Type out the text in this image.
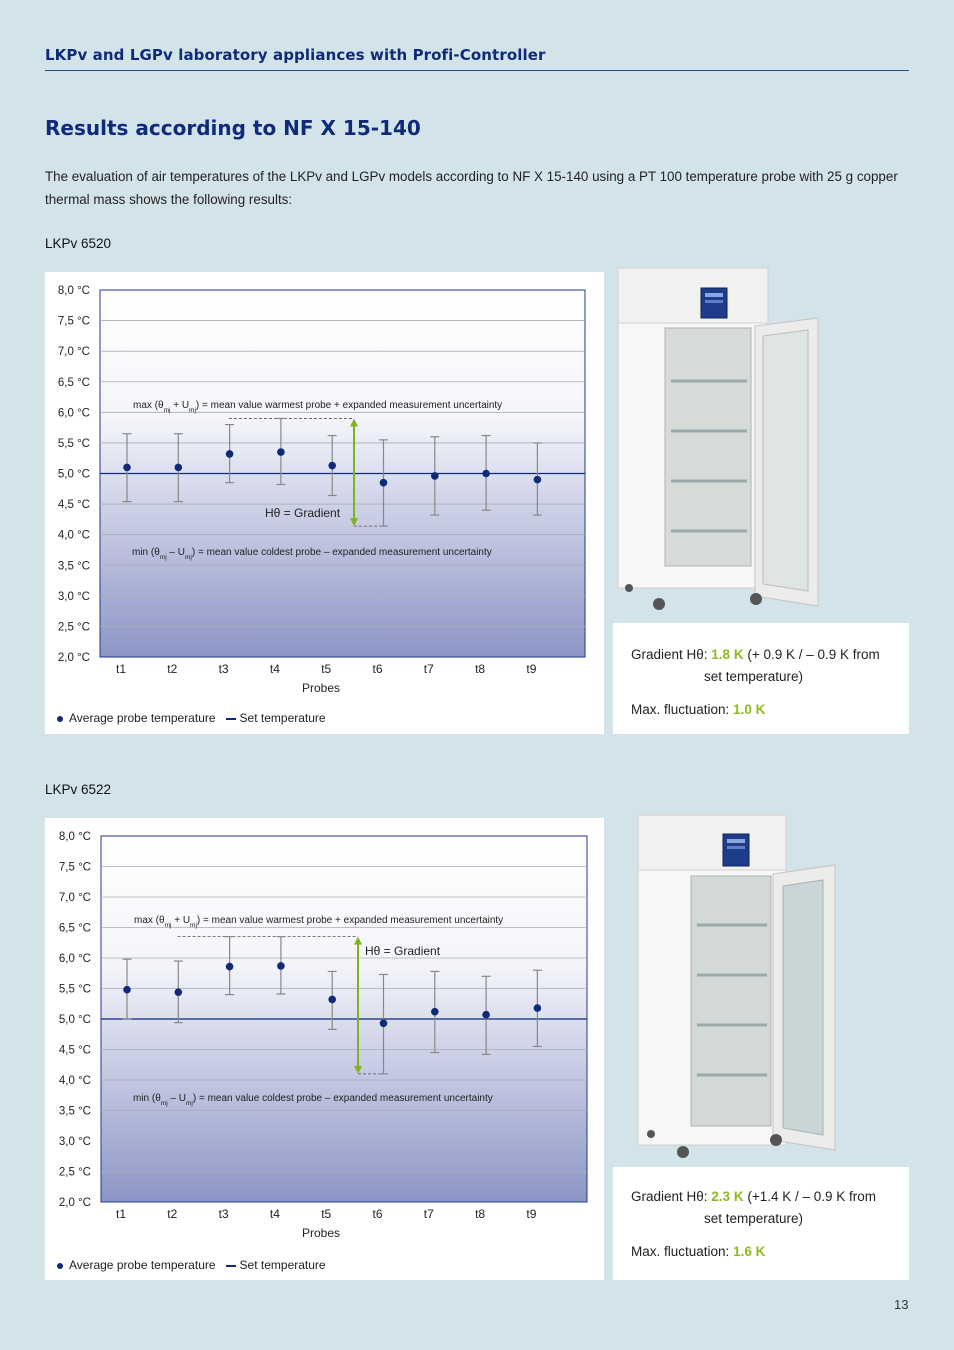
LKPv and LGPv laboratory appliances with Profi-Controller
Results according to NF X 15-140
The evaluation of air temperatures of the LKPv and LGPv models according to NF X 15-140 using a PT 100 temperature probe with 25 g copper thermal mass shows the following results:
LKPv 6520
8,0 °C
7,5 °C
7,0 °C
6,5 °C
6,0 °C
5,5 °C
5,0 °C
4,5 °C
4,0 °C
3,5 °C
3,0 °C
2,5 °C
2,0 °C
t1	t2	t3	t4	t5	t6	t7	t8	t9
Probes
$\max (\theta_{mj} + U_{mj})$ = mean value warmest probe + expanded measurement uncertainty
$\min (\theta_{mj} - U_{mj})$ = mean value coldest probe – expanded measurement uncertainty
Hθ = Gradient
Average probe temperature Set temperature
Gradient Hθ: 1.8 K (+ 0.9 K / – 0.9 K from
set temperature)
Max. fluctuation: 1.0 K
LKPv 6522
8,0 °C
7,5 °C
7,0 °C
6,5 °C
6,0 °C
5,5 °C
5,0 °C
4,5 °C
4,0 °C
3,5 °C
3,0 °C
2,5 °C
2,0 °C
t1	t2	t3	t4	t5	t6	t7	t8	t9
Probes
$\max (\theta_{mj} + U_{mj})$ = mean value warmest probe + expanded measurement uncertainty
$\min (\theta_{mj} - U_{mj})$ = mean value coldest probe – expanded measurement uncertainty
Hθ = Gradient
Average probe temperature Set temperature
Gradient Hθ: 2.3 K (+1.4 K / – 0.9 K from
set temperature)
Max. fluctuation: 1.6 K
13
